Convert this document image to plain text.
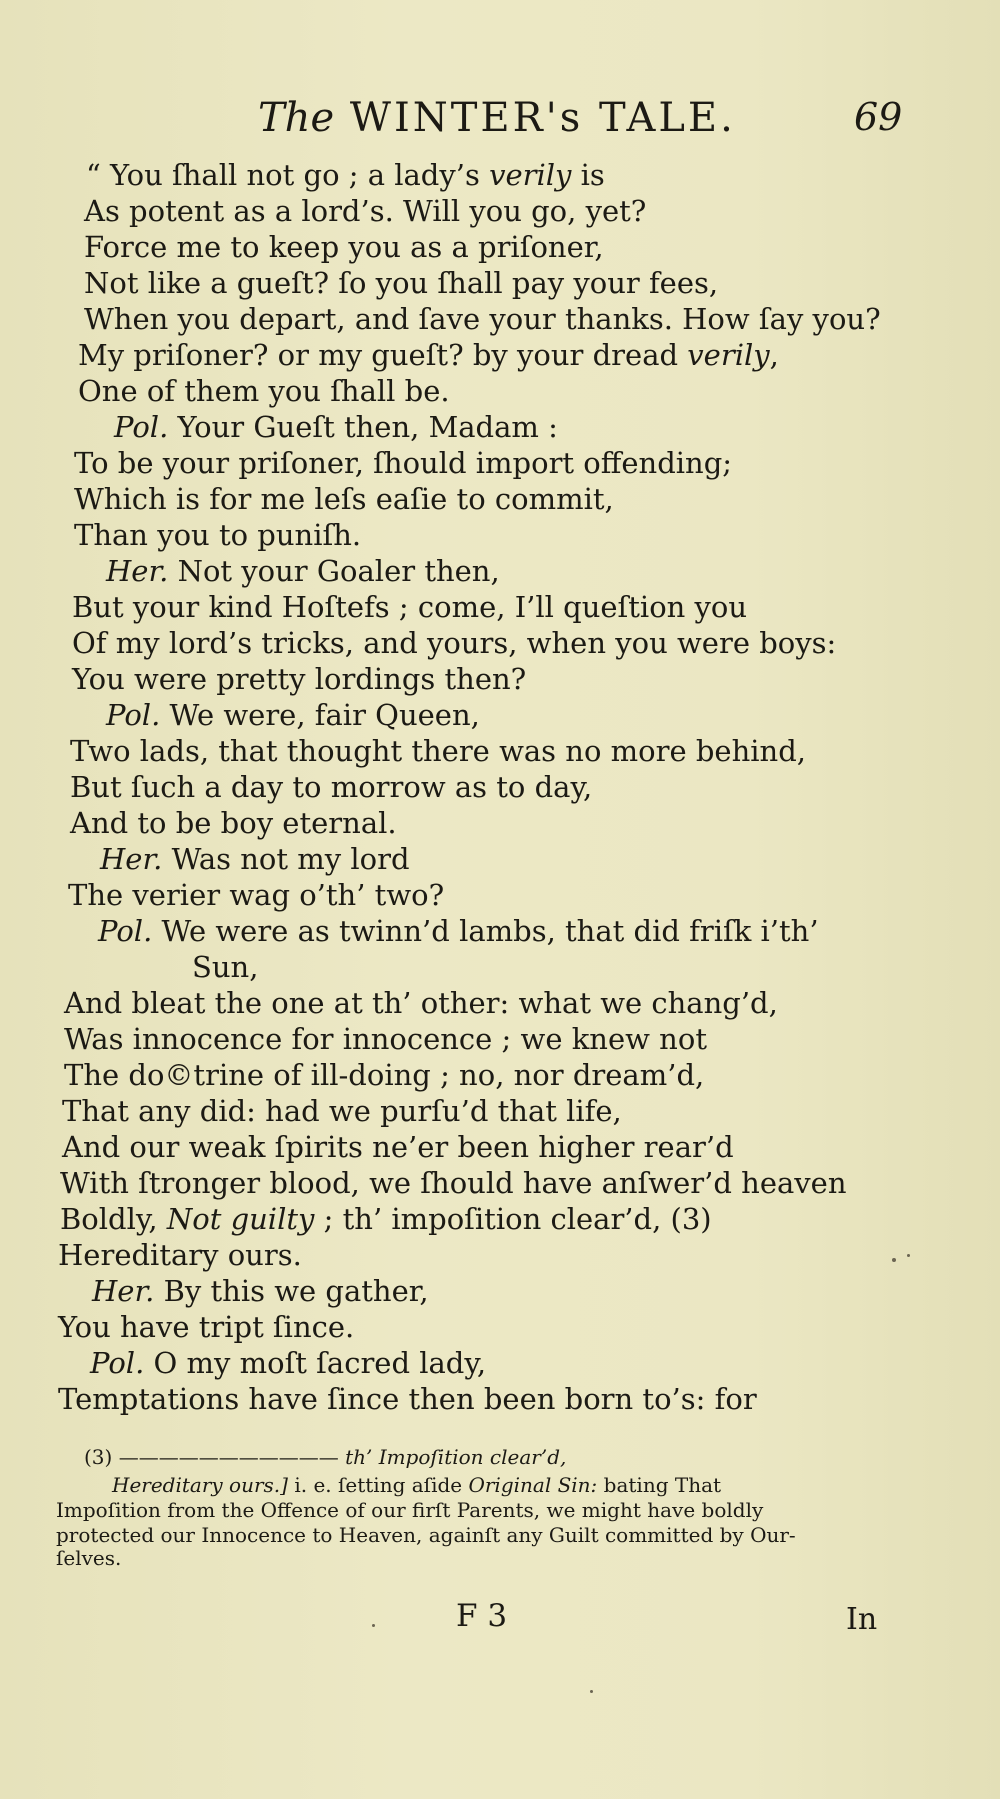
The WINTER's TALE.	69
“ You ſhall not go ; a lady’s verily is
As potent as a lord’s. Will you go, yet?
Force me to keep you as a priſoner,
Not like a gueſt? ſo you ſhall pay your fees,
When you depart, and ſave your thanks. How ſay you?
My priſoner? or my gueſt? by your dread verily,
One of them you ſhall be.
Pol. Your Gueſt then, Madam :
To be your priſoner, ſhould import offending;
Which is for me leſs eaſie to commit,
Than you to puniſh.
Her. Not your Goaler then,
But your kind Hoſtefs ; come, I’ll queſtion you
Of my lord’s tricks, and yours, when you were boys:
You were pretty lordings then?
Pol. We were, fair Queen,
Two lads, that thought there was no more behind,
But ſuch a day to morrow as to day,
And to be boy eternal.
Her. Was not my lord
The verier wag o’th’ two?
Pol. We were as twinn’d lambs, that did friſk i’th’
Sun,
And bleat the one at th’ other: what we chang’d,
Was innocence for innocence ; we knew not
The do©trine of ill-doing ; no, nor dream’d,
That any did: had we purſu’d that life,
And our weak ſpirits ne’er been higher rear’d
With ſtronger blood, we ſhould have anſwer’d heaven
Boldly, Not guilty ; th’ impoſition clear’d, (3)
Hereditary ours.
Her. By this we gather,
You have tript ſince.
Pol. O my moſt ſacred lady,
Temptations have ſince then been born to’s: for
(3) ——————————— th’ Impoſition clear’d,
Hereditary ours.] i. e. ſetting aſide Original Sin: bating That
Impoſition from the Offence of our firſt Parents, we might have boldly
protected our Innocence to Heaven, againſt any Guilt committed by Our-
ſelves.
F 3	In
